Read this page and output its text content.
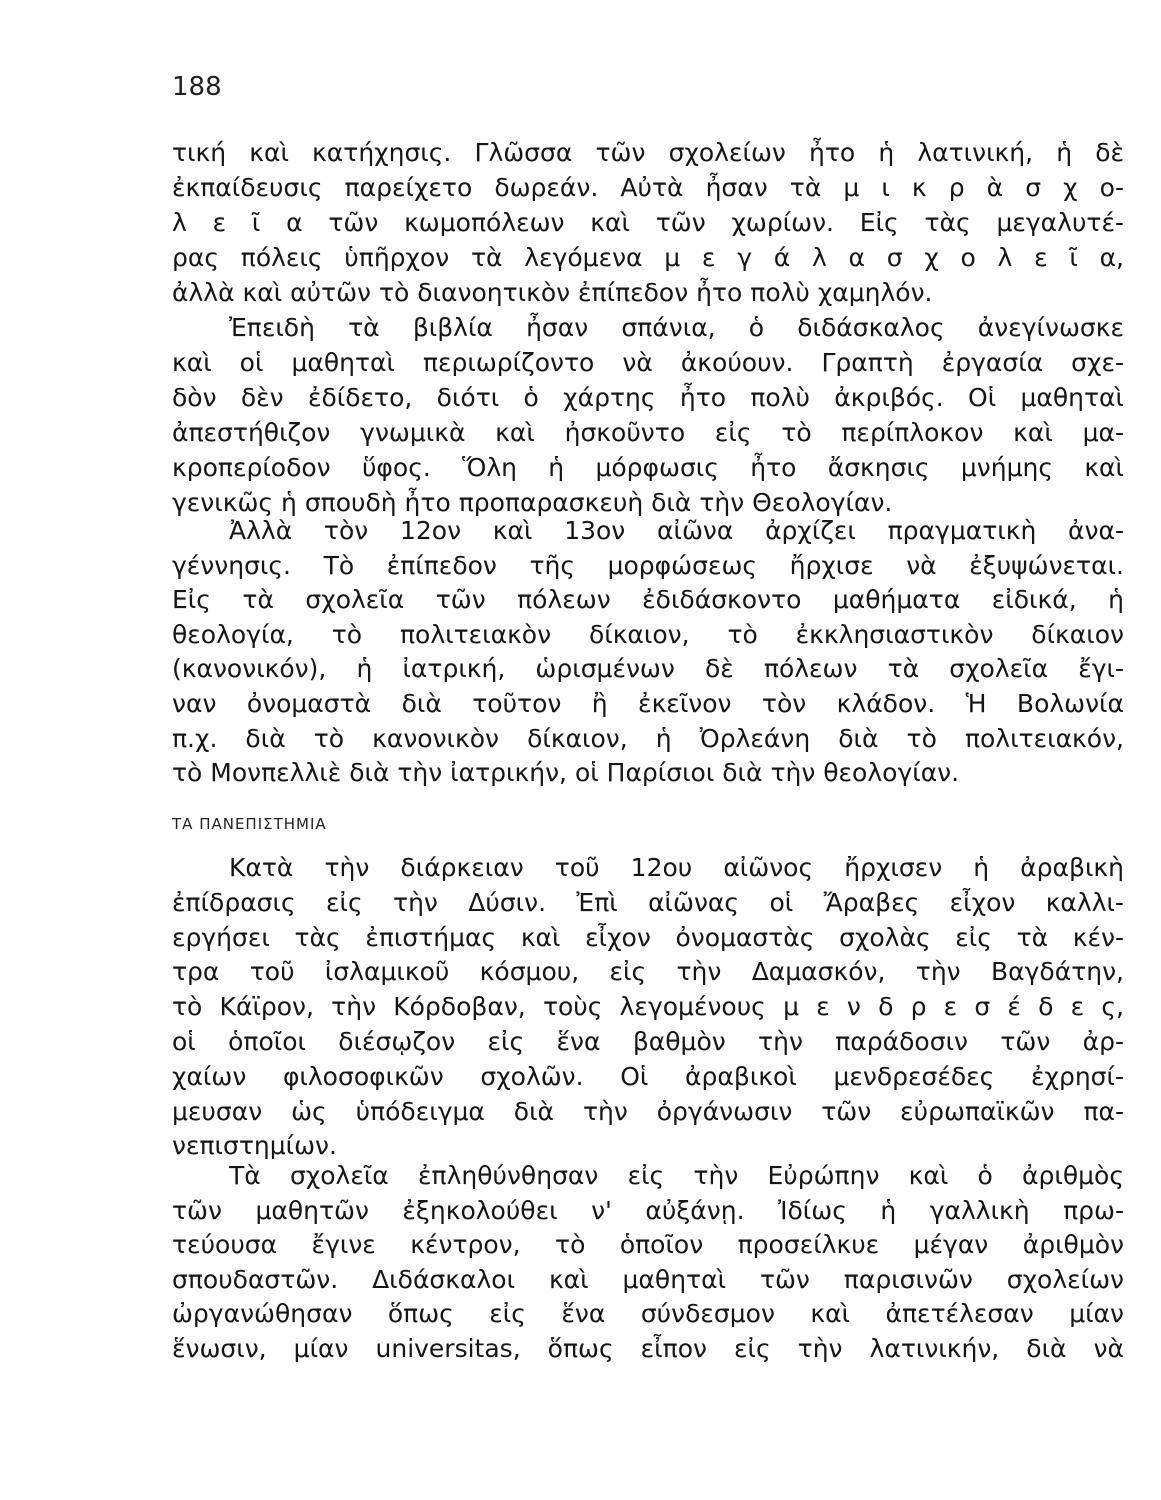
188
ΤΑ ΠΑΝΕΠΙΣΤΗΜΙΑ
τική καὶ κατήχησις. Γλῶσσα τῶν σχολείων ἦτο ἡ λατινική, ἡ δὲ
ἐκπαίδευσις παρείχετο δωρεάν. Αὐτὰ ἦσαν τὰ μ ι κ ρ ὰ σ χ ο-
λ ε ῖ α τῶν κωμοπόλεων καὶ τῶν χωρίων. Εἰς τὰς μεγαλυτέ-
ρας πόλεις ὑπῆρχον τὰ λεγόμενα μ ε γ ά λ α σ χ ο λ ε ῖ α,
ἀλλὰ καὶ αὐτῶν τὸ διανοητικὸν ἐπίπεδον ἦτο πολὺ χαμηλόν.
Ἐπειδὴ τὰ βιβλία ἦσαν σπάνια, ὁ διδάσκαλος ἀνεγίνωσκε
καὶ οἱ μαθηταὶ περιωρίζοντο νὰ ἀκούουν. Γραπτὴ ἐργασία σχε-
δὸν δὲν ἐδίδετο, διότι ὁ χάρτης ἦτο πολὺ ἀκριβός. Οἱ μαθηταὶ
ἀπεστήθιζον γνωμικὰ καὶ ἠσκοῦντο εἰς τὸ περίπλοκον καὶ μα-
κροπερίοδον ὕφος. Ὅλη ἡ μόρφωσις ἦτο ἄσκησις μνήμης καὶ
γενικῶς ἡ σπουδὴ ἦτο προπαρασκευὴ διὰ τὴν Θεολογίαν.
Ἀλλὰ τὸν 12ον καὶ 13ον αἰῶνα ἀρχίζει πραγματικὴ ἀνα-
γέννησις. Τὸ ἐπίπεδον τῆς μορφώσεως ἤρχισε νὰ ἐξυψώνεται.
Εἰς τὰ σχολεῖα τῶν πόλεων ἐδιδάσκοντο μαθήματα εἰδικά, ἡ
θεολογία, τὸ πολιτειακὸν δίκαιον, τὸ ἐκκλησιαστικὸν δίκαιον
(κανονικόν), ἡ ἰατρική, ὡρισμένων δὲ πόλεων τὰ σχολεῖα ἔγι-
ναν ὀνομαστὰ διὰ τοῦτον ἢ ἐκεῖνον τὸν κλάδον. Ἡ Βολωνία
π.χ. διὰ τὸ κανονικὸν δίκαιον, ἡ Ὀρλεάνη διὰ τὸ πολιτειακόν,
τὸ Μονπελλιὲ διὰ τὴν ἰατρικήν, οἱ Παρίσιοι διὰ τὴν θεολογίαν.
Κατὰ τὴν διάρκειαν τοῦ 12ου αἰῶνος ἤρχισεν ἡ ἀραβικὴ
ἐπίδρασις εἰς τὴν Δύσιν. Ἐπὶ αἰῶνας οἱ Ἄραβες εἶχον καλλι-
εργήσει τὰς ἐπιστήμας καὶ εἶχον ὀνομαστὰς σχολὰς εἰς τὰ κέν-
τρα τοῦ ἰσλαμικοῦ κόσμου, εἰς τὴν Δαμασκόν, τὴν Βαγδάτην,
τὸ Κάϊρον, τὴν Κόρδοβαν, τοὺς λεγομένους μ ε ν δ ρ ε σ έ δ ε ς,
οἱ ὁποῖοι διέσῳζον εἰς ἕνα βαθμὸν τὴν παράδοσιν τῶν ἀρ-
χαίων φιλοσοφικῶν σχολῶν. Οἱ ἀραβικοὶ μενδρεσέδες ἐχρησί-
μευσαν ὡς ὑπόδειγμα διὰ τὴν ὀργάνωσιν τῶν εὐρωπαϊκῶν πα-
νεπιστημίων.
Τὰ σχολεῖα ἐπληθύνθησαν εἰς τὴν Εὐρώπην καὶ ὁ ἀριθμὸς
τῶν μαθητῶν ἐξηκολούθει ν' αὐξάνῃ. Ἰδίως ἡ γαλλικὴ πρω-
τεύουσα ἔγινε κέντρον, τὸ ὁποῖον προσείλκυε μέγαν ἀριθμὸν
σπουδαστῶν. Διδάσκαλοι καὶ μαθηταὶ τῶν παρισινῶν σχολείων
ὠργανώθησαν ὅπως εἰς ἕνα σύνδεσμον καὶ ἀπετέλεσαν μίαν
ἕνωσιν, μίαν universitas, ὅπως εἶπον εἰς τὴν λατινικήν, διὰ νὰ
